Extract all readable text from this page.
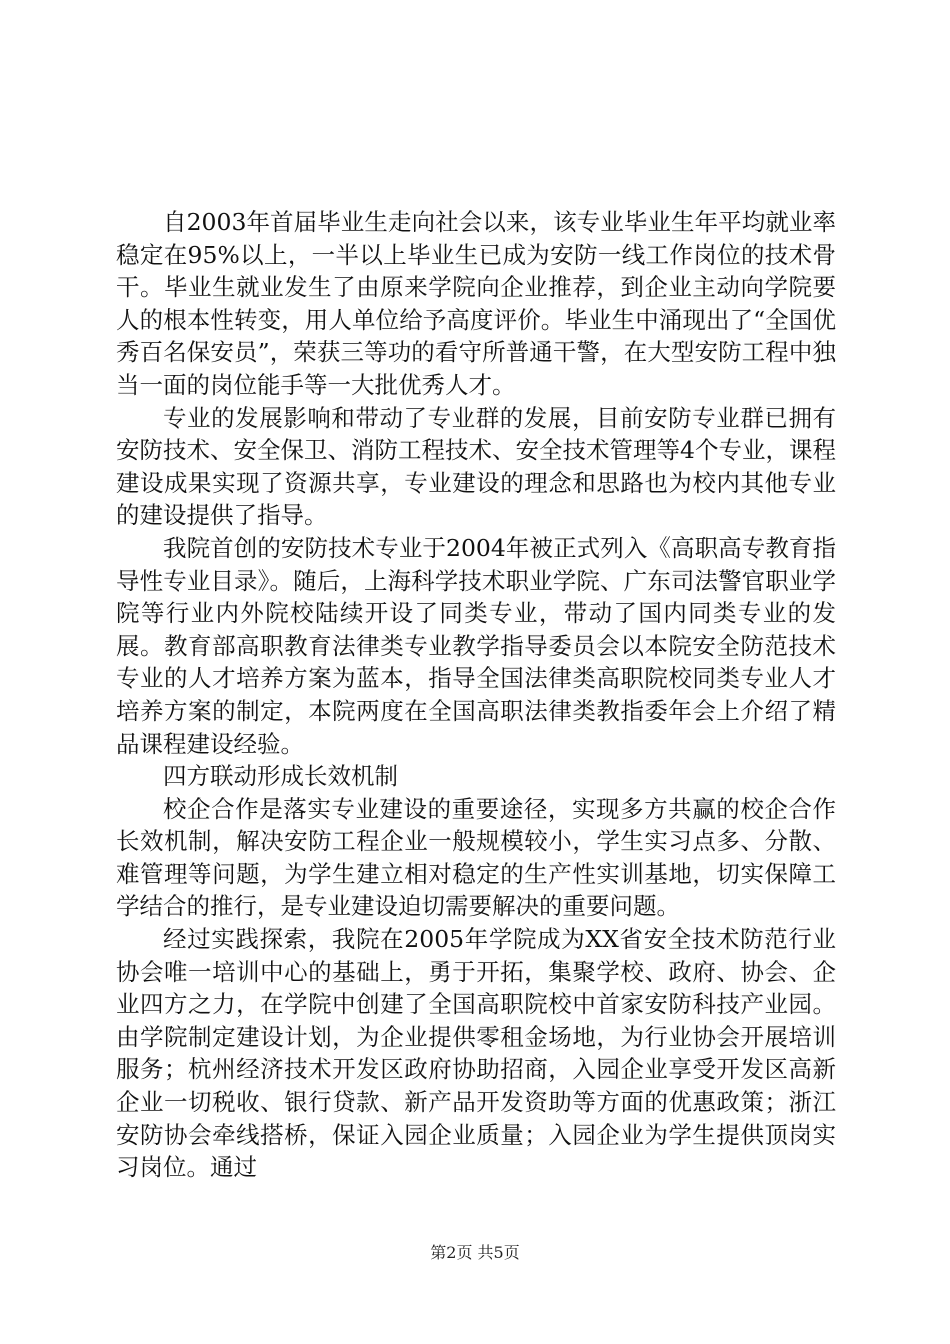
自2003年首届毕业生走向社会以来，该专业毕业生年平均就业率稳定在95%以上，一半以上毕业生已成为安防一线工作岗位的技术骨干。毕业生就业发生了由原来学院向企业推荐，到企业主动向学院要人的根本性转变，用人单位给予高度评价。毕业生中涌现出了“全国优秀百名保安员”，荣获三等功的看守所普通干警，在大型安防工程中独当一面的岗位能手等一大批优秀人才。

专业的发展影响和带动了专业群的发展，目前安防专业群已拥有安防技术、安全保卫、消防工程技术、安全技术管理等4个专业，课程建设成果实现了资源共享，专业建设的理念和思路也为校内其他专业的建设提供了指导。

我院首创的安防技术专业于2004年被正式列入《高职高专教育指导性专业目录》。随后，上海科学技术职业学院、广东司法警官职业学院等行业内外院校陆续开设了同类专业，带动了国内同类专业的发展。教育部高职教育法律类专业教学指导委员会以本院安全防范技术专业的人才培养方案为蓝本，指导全国法律类高职院校同类专业人才培养方案的制定，本院两度在全国高职法律类教指委年会上介绍了精品课程建设经验。

四方联动形成长效机制

校企合作是落实专业建设的重要途径，实现多方共赢的校企合作长效机制，解决安防工程企业一般规模较小，学生实习点多、分散、难管理等问题，为学生建立相对稳定的生产性实训基地，切实保障工学结合的推行，是专业建设迫切需要解决的重要问题。

经过实践探索，我院在2005年学院成为XX省安全技术防范行业协会唯一培训中心的基础上，勇于开拓，集聚学校、政府、协会、企业四方之力，在学院中创建了全国高职院校中首家安防科技产业园。由学院制定建设计划，为企业提供零租金场地，为行业协会开展培训服务；杭州经济技术开发区政府协助招商，入园企业享受开发区高新企业一切税收、银行贷款、新产品开发资助等方面的优惠政策；浙江安防协会牵线搭桥，保证入园企业质量；入园企业为学生提供顶岗实习岗位。通过

第2页 共5页
